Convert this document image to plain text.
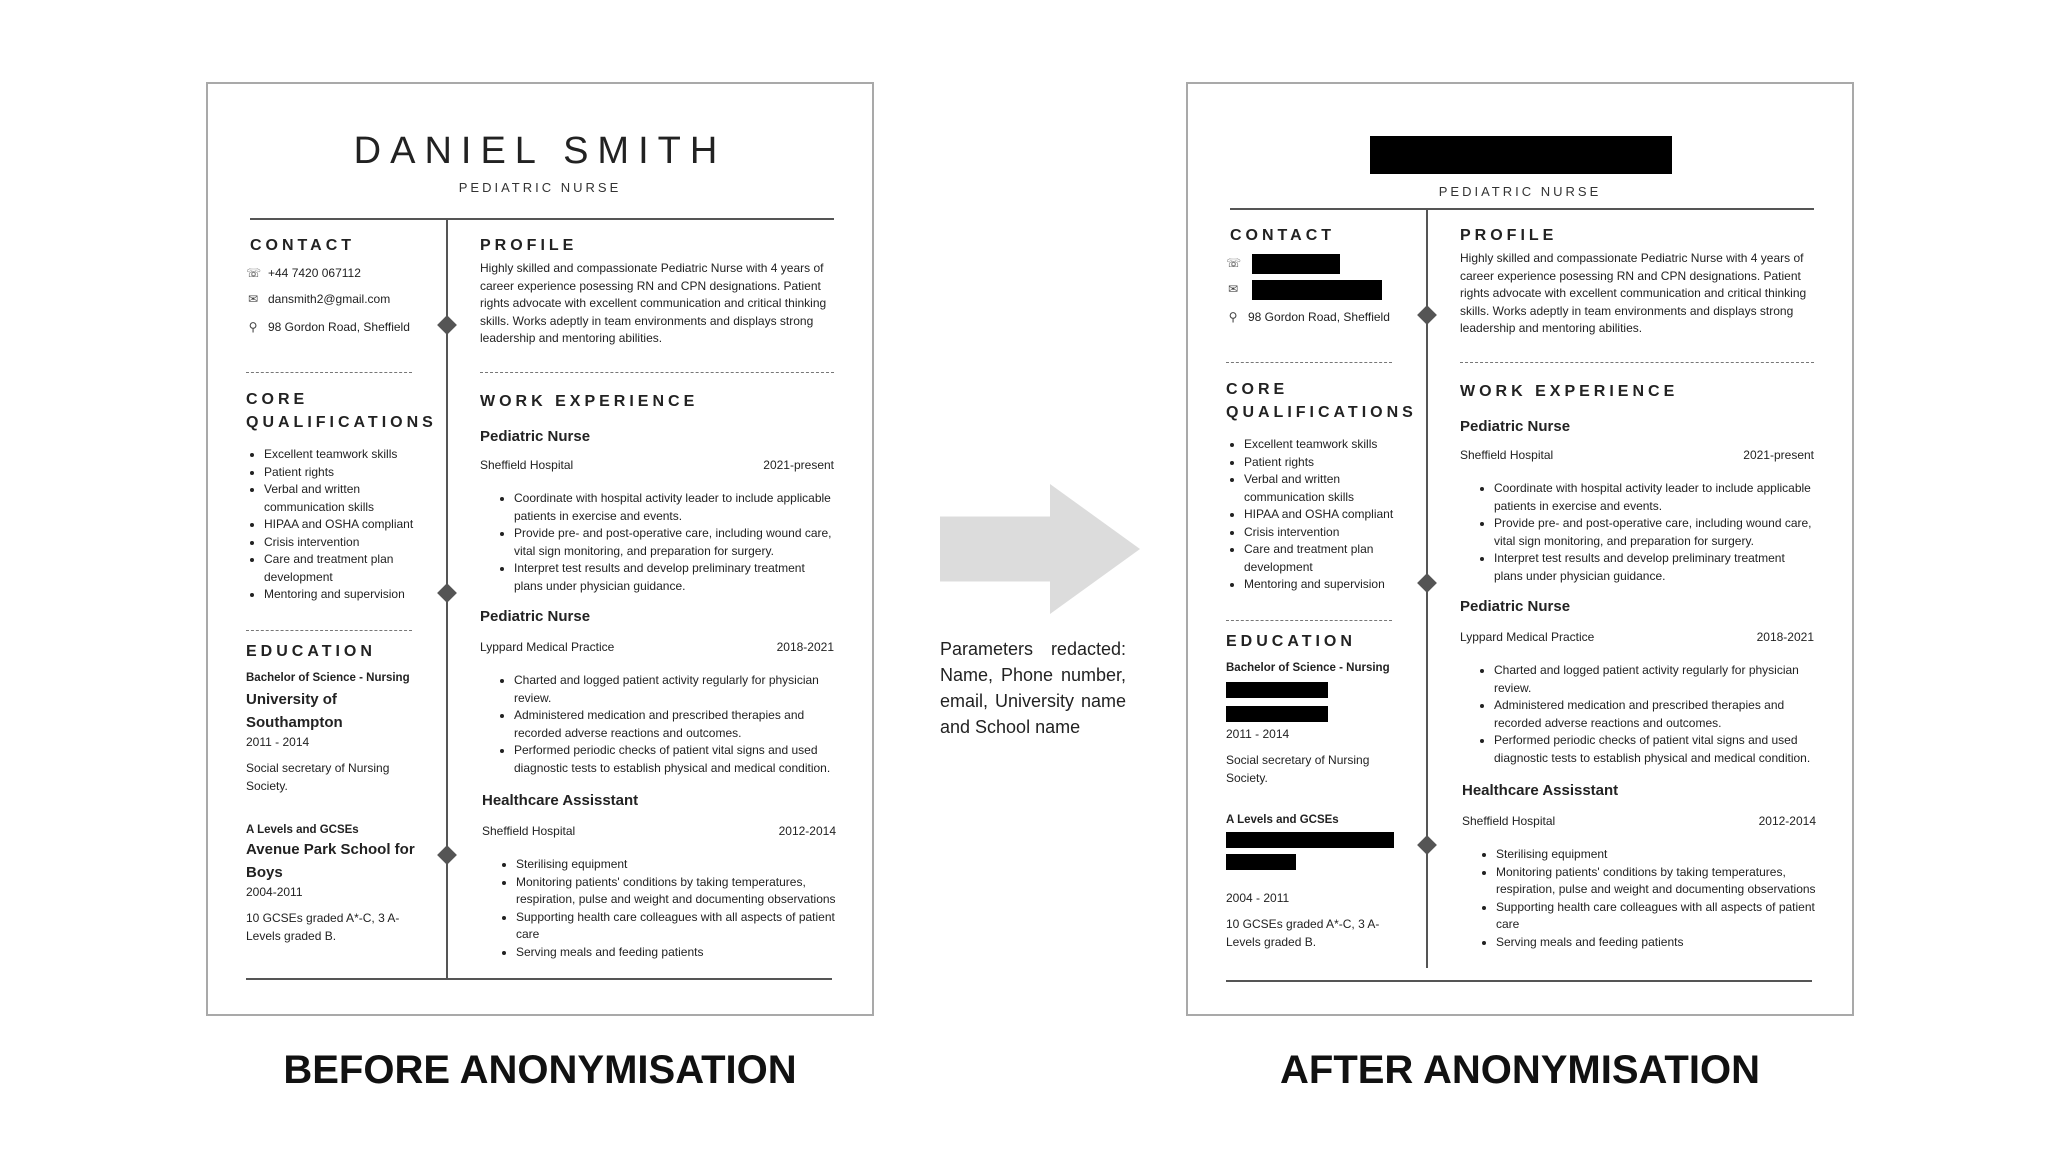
DANIEL SMITH
PEDIATRIC NURSE
CONTACT
☏ +44 7420 067112
✉ dansmith2@gmail.com
⚲ 98 Gordon Road, Sheffield
CORE
QUALIFICATIONS
• Excellent teamwork skills
• Patient rights
• Verbal and written communication skills
• HIPAA and OSHA compliant
• Crisis intervention
• Care and treatment plan development
• Mentoring and supervision
EDUCATION
Bachelor of Science - Nursing
University of Southampton
2011 - 2014
Social secretary of Nursing Society.
A Levels and GCSEs
Avenue Park School for Boys
2004-2011
10 GCSEs graded A*-C, 3 A-Levels graded B.
PROFILE
Highly skilled and compassionate Pediatric Nurse with 4 years of career experience posessing RN and CPN designations. Patient rights advocate with excellent communication and critical thinking skills. Works adeptly in team environments and displays strong leadership and mentoring abilities.
WORK EXPERIENCE
Pediatric Nurse
Sheffield Hospital	2021-present
• Coordinate with hospital activity leader to include applicable patients in exercise and events.
• Provide pre- and post-operative care, including wound care, vital sign monitoring, and preparation for surgery.
• Interpret test results and develop preliminary treatment plans under physician guidance.
Pediatric Nurse
Lyppard Medical Practice	2018-2021
• Charted and logged patient activity regularly for physician review.
• Administered medication and prescribed therapies and recorded adverse reactions and outcomes.
• Performed periodic checks of patient vital signs and used diagnostic tests to establish physical and medical condition.
Healthcare Assisstant
Sheffield Hospital	2012-2014
• Sterilising equipment
• Monitoring patients' conditions by taking temperatures, respiration, pulse and weight and documenting observations
• Supporting health care colleagues with all aspects of patient care
• Serving meals and feeding patients
Parameters redacted: Name, Phone number, email, University name and School name
PEDIATRIC NURSE
CONTACT
☏
✉
⚲ 98 Gordon Road, Sheffield
CORE
QUALIFICATIONS
• Excellent teamwork skills
• Patient rights
• Verbal and written communication skills
• HIPAA and OSHA compliant
• Crisis intervention
• Care and treatment plan development
• Mentoring and supervision
EDUCATION
Bachelor of Science - Nursing
2011 - 2014
Social secretary of Nursing Society.
A Levels and GCSEs
2004 - 2011
10 GCSEs graded A*-C, 3 A-Levels graded B.
PROFILE
Highly skilled and compassionate Pediatric Nurse with 4 years of career experience posessing RN and CPN designations. Patient rights advocate with excellent communication and critical thinking skills. Works adeptly in team environments and displays strong leadership and mentoring abilities.
WORK EXPERIENCE
Pediatric Nurse
Sheffield Hospital	2021-present
• Coordinate with hospital activity leader to include applicable patients in exercise and events.
• Provide pre- and post-operative care, including wound care, vital sign monitoring, and preparation for surgery.
• Interpret test results and develop preliminary treatment plans under physician guidance.
Pediatric Nurse
Lyppard Medical Practice	2018-2021
• Charted and logged patient activity regularly for physician review.
• Administered medication and prescribed therapies and recorded adverse reactions and outcomes.
• Performed periodic checks of patient vital signs and used diagnostic tests to establish physical and medical condition.
Healthcare Assisstant
Sheffield Hospital	2012-2014
• Sterilising equipment
• Monitoring patients' conditions by taking temperatures, respiration, pulse and weight and documenting observations
• Supporting health care colleagues with all aspects of patient care
• Serving meals and feeding patients
BEFORE ANONYMISATION	AFTER ANONYMISATION
